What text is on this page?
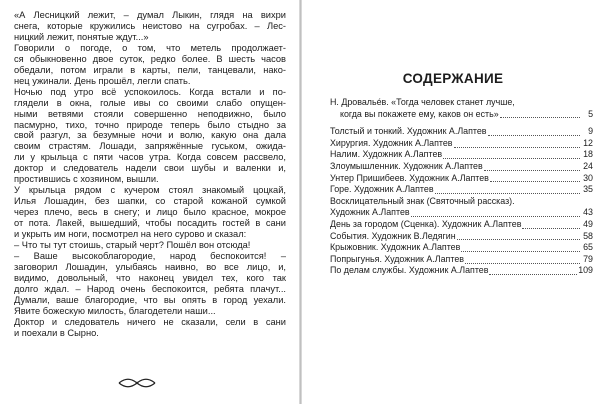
«А Лесницкий лежит, – думал Лыкин, глядя на вихри
снега, которые кружились неистово на сугробах. – Лес-
ницкий лежит, понятые ждут...»

Говорили о погоде, о том, что метель продолжает-
ся обыкновенно двое суток, редко более. В шесть часов
обедали, потом играли в карты, пели, танцевали, нако-
нец ужинали. День прошёл, легли спать.

Ночью под утро всё успокоилось. Когда встали и по-
глядели в окна, голые ивы со своими слабо опущен-
ными ветвями стояли совершенно неподвижно, было
пасмурно, тихо, точно природе теперь было стыдно за
свой разгул, за безумные ночи и волю, какую она дала
своим страстям. Лошади, запряжённые гуськом, ожида-
ли у крыльца с пяти часов утра. Когда совсем рассвело,
доктор и следователь надели свои шубы и валенки и,
простившись с хозяином, вышли.

У крыльца рядом с кучером стоял знакомый цоцкай,
Илья Лошадин, без шапки, со старой кожаной сумкой
через плечо, весь в снегу; и лицо было красное, мокрое
от пота. Лакей, вышедший, чтобы посадить гостей в сани
и укрыть им ноги, посмотрел на него сурово и сказал:

– Что ты тут стоишь, старый черт? Пошёл вон отсюда!

– Ваше высокоблагородие, народ беспокоится! –
заговорил Лошадин, улыбаясь наивно, во все лицо, и,
видимо, довольный, что наконец увидел тех, кого так
долго ждал. – Народ очень беспокоится, ребята плачут...
Думали, ваше благородие, что вы опять в город уехали.
Явите божескую милость, благодетели наши...

Доктор и следователь ничего не сказали, сели в сани
и поехали в Сырно.

СОДЕРЖАНИЕ
Н. Дровальéв. «Тогда человек станет лучше,
когда вы покажете ему, каков он есть»	5
Толстый и тонкий. Художник А.Лаптев	9
Хирургия. Художник А.Лаптев	12
Налим. Художник А.Лаптев	18
Злоумышленник. Художник А.Лаптев	24
Унтер Пришибеев. Художник А.Лаптев	30
Горе. Художник А.Лаптев	35
Восклицательный знак (Святочный рассказ).
Художник А.Лаптев	43
День за городом (Сценка). Художник А.Лаптев	49
События. Художник В.Ледягин	58
Крыжовник. Художник А.Лаптев	65
Попрыгунья. Художник А.Лаптев	79
По делам службы. Художник А.Лаптев	109
